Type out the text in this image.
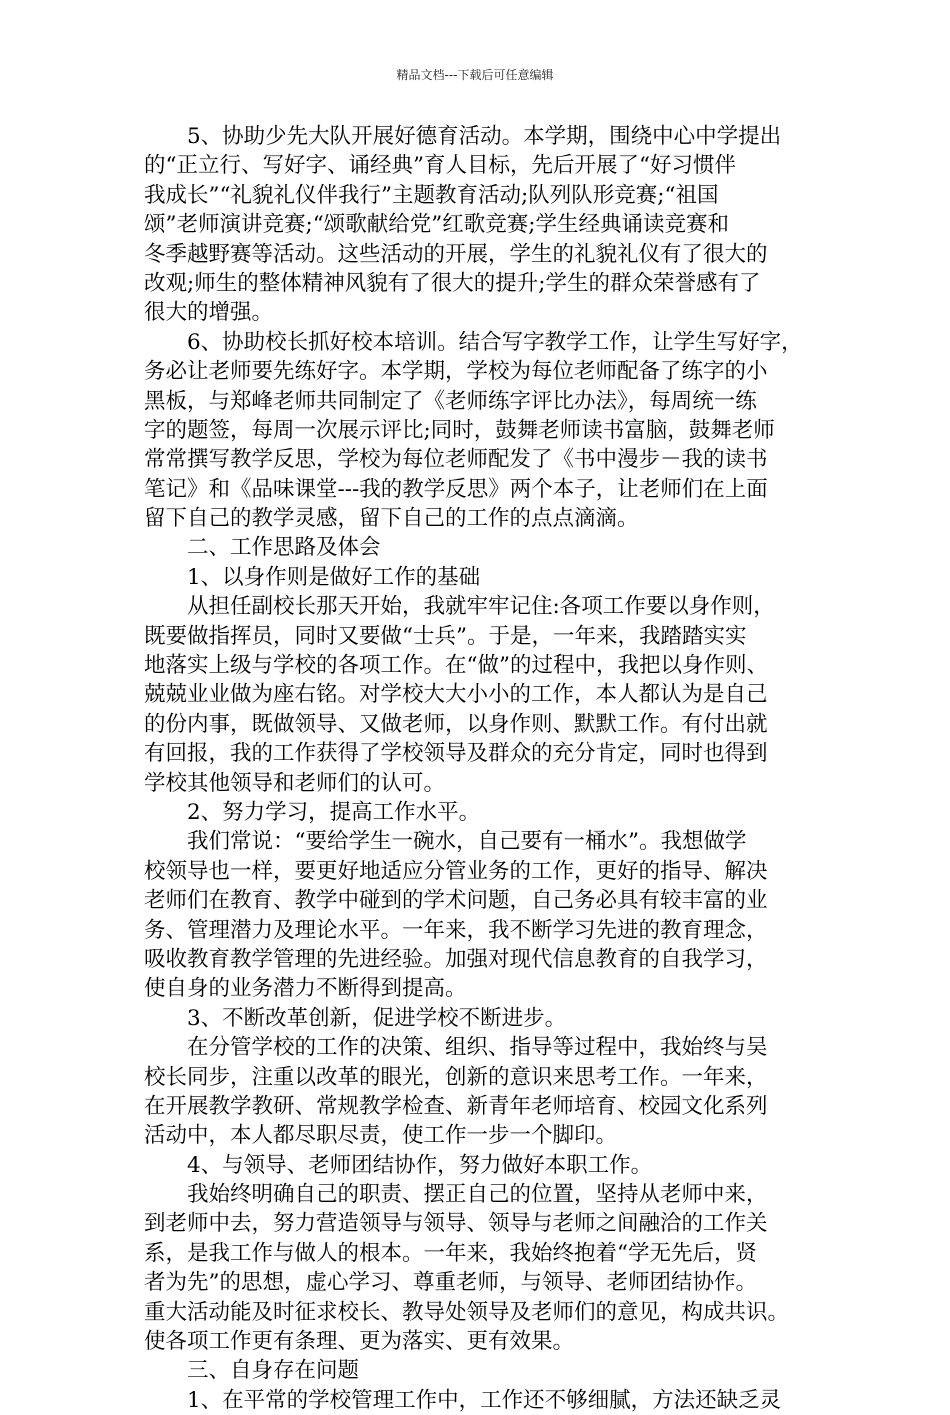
精品文档---下载后可任意编辑
5、协助少先大队开展好德育活动。本学期，围绕中心中学提出
的“正立行、写好字、诵经典”育人目标，先后开展了“好习惯伴
我成长”“礼貌礼仪伴我行”主题教育活动;队列队形竞赛;“祖国
颂”老师演讲竞赛;“颂歌献给党”红歌竞赛;学生经典诵读竞赛和
冬季越野赛等活动。这些活动的开展，学生的礼貌礼仪有了很大的
改观;师生的整体精神风貌有了很大的提升;学生的群众荣誉感有了
很大的增强。
6、协助校长抓好校本培训。结合写字教学工作，让学生写好字，
务必让老师要先练好字。本学期，学校为每位老师配备了练字的小
黑板，与郑峰老师共同制定了《老师练字评比办法》，每周统一练
字的题签，每周一次展示评比;同时，鼓舞老师读书富脑，鼓舞老师
常常撰写教学反思，学校为每位老师配发了《书中漫步－我的读书
笔记》和《品味课堂---我的教学反思》两个本子，让老师们在上面
留下自己的教学灵感，留下自己的工作的点点滴滴。
二、工作思路及体会
1、以身作则是做好工作的基础
从担任副校长那天开始，我就牢牢记住:各项工作要以身作则，
既要做指挥员，同时又要做“士兵”。于是，一年来，我踏踏实实
地落实上级与学校的各项工作。在“做”的过程中，我把以身作则、
兢兢业业做为座右铭。对学校大大小小的工作，本人都认为是自己
的份内事，既做领导、又做老师，以身作则、默默工作。有付出就
有回报，我的工作获得了学校领导及群众的充分肯定，同时也得到
学校其他领导和老师们的认可。
2、努力学习，提高工作水平。
我们常说：“要给学生一碗水，自己要有一桶水”。我想做学
校领导也一样，要更好地适应分管业务的工作，更好的指导、解决
老师们在教育、教学中碰到的学术问题，自己务必具有较丰富的业
务、管理潜力及理论水平。一年来，我不断学习先进的教育理念，
吸收教育教学管理的先进经验。加强对现代信息教育的自我学习，
使自身的业务潜力不断得到提高。
3、不断改革创新，促进学校不断进步。
在分管学校的工作的决策、组织、指导等过程中，我始终与吴
校长同步，注重以改革的眼光，创新的意识来思考工作。一年来，
在开展教学教研、常规教学检查、新青年老师培育、校园文化系列
活动中，本人都尽职尽责，使工作一步一个脚印。
4、与领导、老师团结协作，努力做好本职工作。
我始终明确自己的职责、摆正自己的位置，坚持从老师中来，
到老师中去，努力营造领导与领导、领导与老师之间融洽的工作关
系，是我工作与做人的根本。一年来，我始终抱着“学无先后，贤
者为先”的思想，虚心学习、尊重老师，与领导、老师团结协作。
重大活动能及时征求校长、教导处领导及老师们的意见，构成共识。
使各项工作更有条理、更为落实、更有效果。
三、自身存在问题
1、在平常的学校管理工作中，工作还不够细腻，方法还缺乏灵
